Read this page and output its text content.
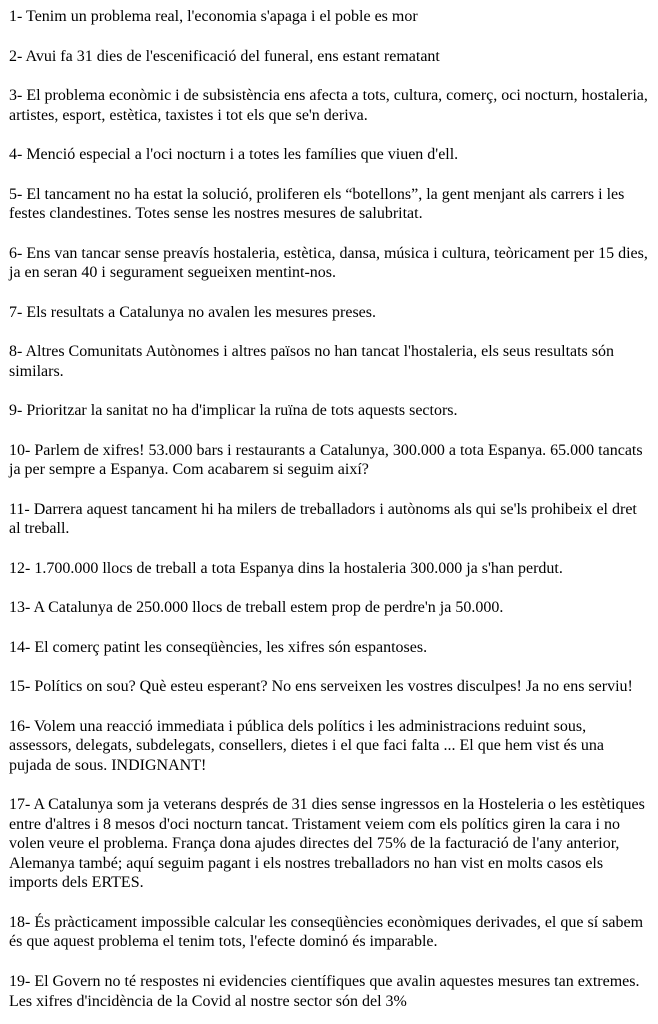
1- Tenim un problema real, l'economia s'apaga i el poble es mor

2- Avui fa 31 dies de l'escenificació del funeral, ens estant rematant

3- El problema econòmic i de subsistència ens afecta a tots, cultura, comerç, oci nocturn, hostaleria, artistes, esport, estètica, taxistes i tot els que se'n deriva.

4- Menció especial a l'oci nocturn i a totes les famílies que viuen d'ell.

5- El tancament no ha estat la solució, proliferen els “botellons”, la gent menjant als carrers i les festes clandestines. Totes sense les nostres mesures de salubritat.

6- Ens van tancar sense preavís hostaleria, estètica, dansa, música i cultura, teòricament per 15 dies, ja en seran 40 i segurament segueixen mentint-nos.

7- Els resultats a Catalunya no avalen les mesures preses.

8- Altres Comunitats Autònomes i altres països no han tancat l'hostaleria, els seus resultats són similars.

9- Prioritzar la sanitat no ha d'implicar la ruïna de tots aquests sectors.

10- Parlem de xifres! 53.000 bars i restaurants a Catalunya, 300.000 a tota Espanya. 65.000 tancats ja per sempre a Espanya. Com acabarem si seguim així?

11- Darrera aquest tancament hi ha milers de treballadors i autònoms als qui se'ls prohibeix el dret al treball.

12- 1.700.000 llocs de treball a tota Espanya dins la hostaleria 300.000 ja s'han perdut.

13- A Catalunya de 250.000 llocs de treball estem prop de perdre'n ja 50.000.

14- El comerç patint les conseqüències, les xifres són espantoses.

15- Polítics on sou? Què esteu esperant? No ens serveixen les vostres disculpes! Ja no ens serviu!

16- Volem una reacció immediata i pública dels polítics i les administracions reduint sous, assessors, delegats, subdelegats, consellers, dietes i el que faci falta ... El que hem vist és una pujada de sous. INDIGNANT!

17- A Catalunya som ja veterans després de 31 dies sense ingressos en la Hosteleria o les estètiques entre d'altres i 8 mesos d'oci nocturn tancat. Tristament veiem com els polítics giren la cara i no volen veure el problema. França dona ajudes directes del 75% de la facturació de l'any anterior, Alemanya també; aquí seguim pagant i els nostres treballadors no han vist en molts casos els imports dels ERTES.

18- És pràcticament impossible calcular les conseqüències econòmiques derivades, el que sí sabem és que aquest problema el tenim tots, l'efecte dominó és imparable.

19- El Govern no té respostes ni evidencies científiques que avalin aquestes mesures tan extremes. Les xifres d'incidència de la Covid al nostre sector són del 3%
